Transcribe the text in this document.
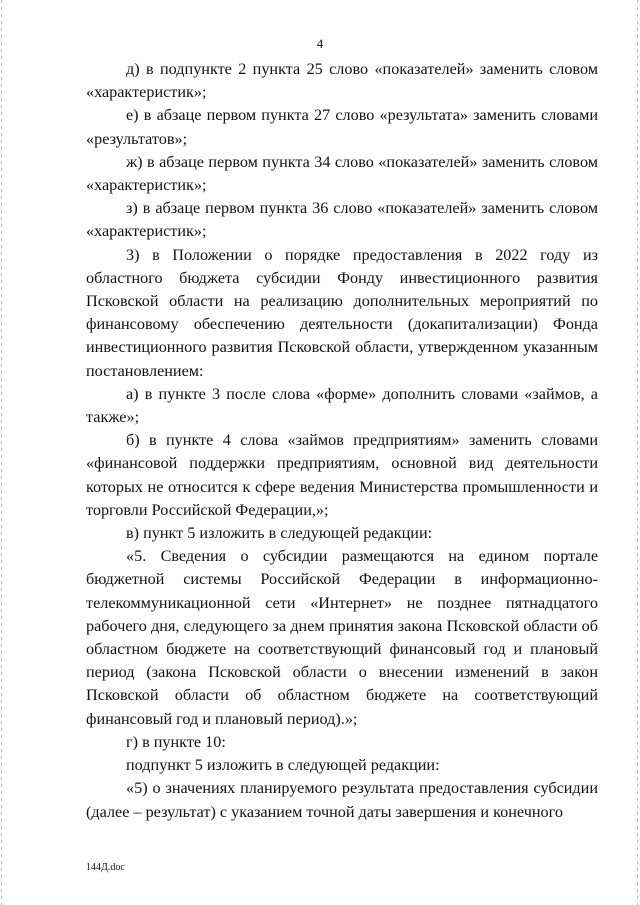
4

д) в подпункте 2 пункта 25 слово «показателей» заменить словом «характеристик»;

е) в абзаце первом пункта 27 слово «результата» заменить словами «результатов»;

ж) в абзаце первом пункта 34 слово «показателей» заменить словом «характеристик»;

з) в абзаце первом пункта 36 слово «показателей» заменить словом «характеристик»;

3) в Положении о порядке предоставления в 2022 году из областного бюджета субсидии Фонду инвестиционного развития Псковской области на реализацию дополнительных мероприятий по финансовому обеспечению деятельности (докапитализации) Фонда инвестиционного развития Псковской области, утвержденном указанным постановлением:

а) в пункте 3 после слова «форме» дополнить словами «займов, а также»;

б) в пункте 4 слова «займов предприятиям» заменить словами «финансовой поддержки предприятиям, основной вид деятельности которых не относится к сфере ведения Министерства промышленности и торговли Российской Федерации,»;

в) пункт 5 изложить в следующей редакции:

«5. Сведения о субсидии размещаются на едином портале бюджетной системы Российской Федерации в информационно-телекоммуникационной сети «Интернет» не позднее пятнадцатого рабочего дня, следующего за днем принятия закона Псковской области об областном бюджете на соответствующий финансовый год и плановый период (закона Псковской области о внесении изменений в закон Псковской области об областном бюджете на соответствующий финансовый год и плановый период).»;

г) в пункте 10:

подпункт 5 изложить в следующей редакции:

«5) о значениях планируемого результата предоставления субсидии (далее – результат) с указанием точной даты завершения и конечного

144Д.doc
